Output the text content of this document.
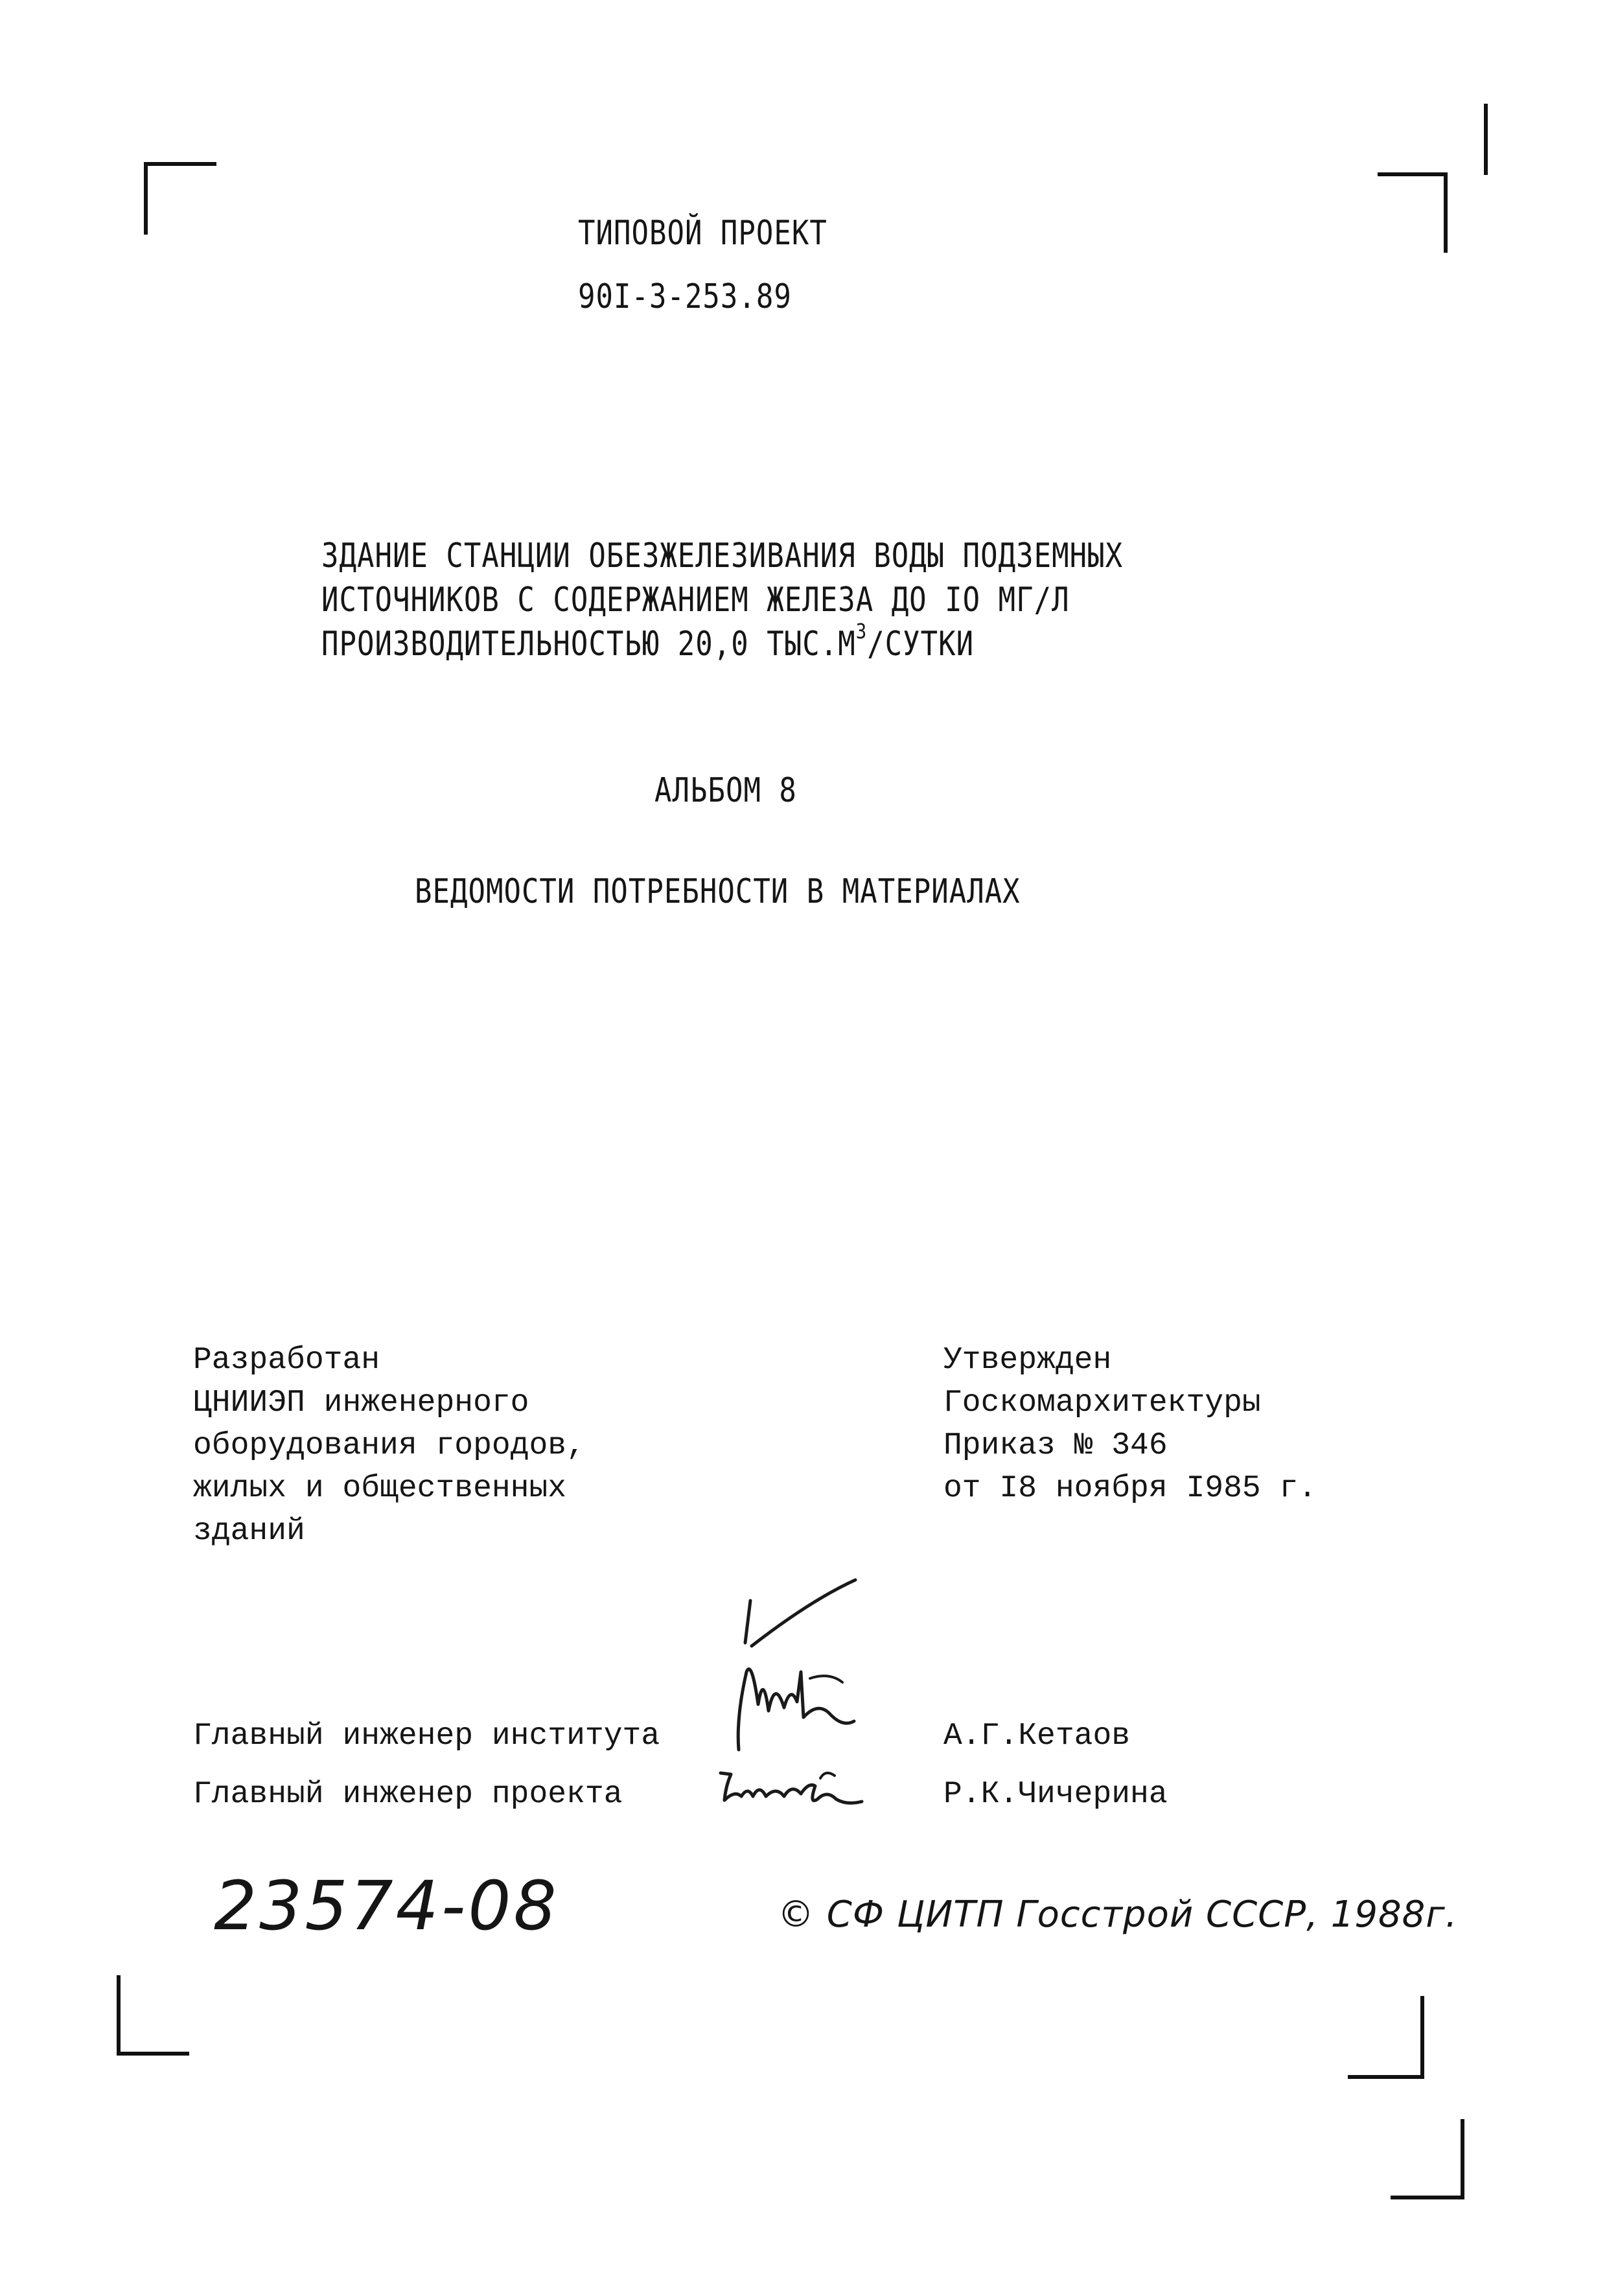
ТИПОВОЙ ПРОЕКТ
90I-3-253.89
ЗДАНИЕ СТАНЦИИ ОБЕЗЖЕЛЕЗИВАНИЯ ВОДЫ ПОДЗЕМНЫХ
ИСТОЧНИКОВ С СОДЕРЖАНИЕМ ЖЕЛЕЗА ДО IO МГ/Л
ПРОИЗВОДИТЕЛЬНОСТЬЮ 20,0 $ТЫС.М^3$/СУТКИ
АЛЬБОМ 8
ВЕДОМОСТИ ПОТРЕБНОСТИ В МАТЕРИАЛАХ
Разработан
ЦНИИЭП инженерного
оборудования городов,
жилых и общественных
зданий
Утвержден
Госкомархитектуры
Приказ № 346
от I8 ноября I985 г.
Главный инженер института	А.Г.Кетаов
Главный инженер проекта	Р.К.Чичерина
23574-08	© СФ ЦИТП Госстрой СССР, 1988г.
